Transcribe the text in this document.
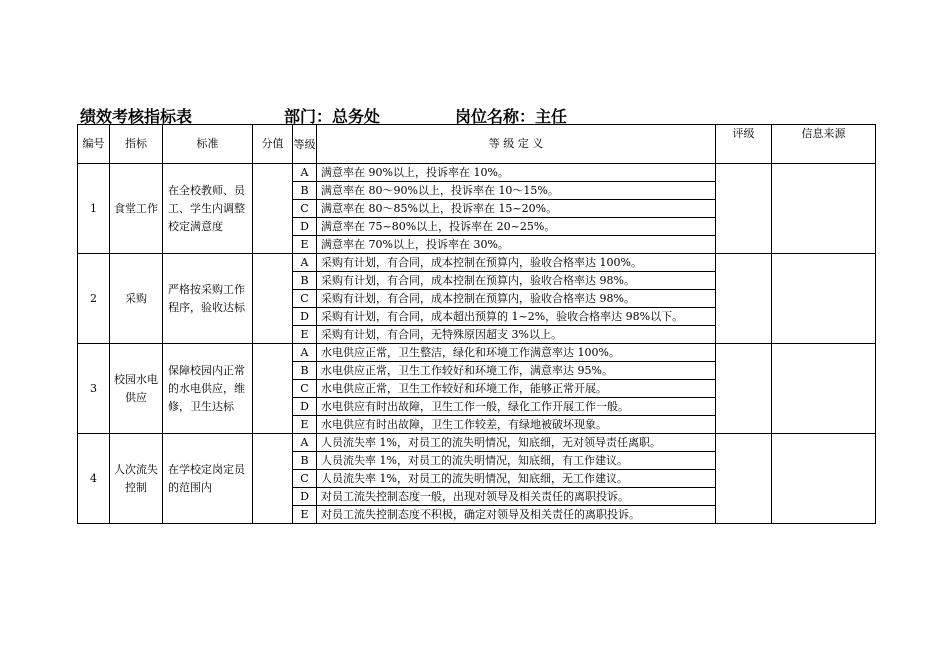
绩效考核指标表	部门：总务处	岗位名称：主任
编号	指标	标准	分值	等级	等 级 定 义	评级	信息来源
1	食堂工作	在全校教师、员工、学生内调整校定满意度		A	满意率在 90%以上，投诉率在 10%。		
				B	满意率在 80～90%以上，投诉率在 10～15%。		
				C	满意率在 80～85%以上，投诉率在 15~20%。		
				D	满意率在 75~80%以上，投诉率在 20~25%。		
				E	满意率在 70%以上，投诉率在 30%。		
2	采购	严格按采购工作程序，验收达标		A	采购有计划，有合同，成本控制在预算内，验收合格率达 100%。		
				B	采购有计划，有合同，成本控制在预算内，验收合格率达 98%。		
				C	采购有计划，有合同，成本控制在预算内，验收合格率达 98%。		
				D	采购有计划，有合同，成本超出预算的 1~2%，验收合格率达 98%以下。		
				E	采购有计划，有合同，无特殊原因超支 3%以上。		
3	校园水电供应	保障校园内正常的水电供应，维修，卫生达标		A	水电供应正常，卫生整洁，绿化和环境工作满意率达 100%。		
				B	水电供应正常，卫生工作较好和环境工作，满意率达 95%。		
				C	水电供应正常，卫生工作较好和环境工作，能够正常开展。		
				D	水电供应有时出故障，卫生工作一般，绿化工作开展工作一般。		
				E	水电供应有时出故障，卫生工作较差，有绿地被破坏现象。		
4	人次流失控制	在学校定岗定员的范围内		A	人员流失率 1%，对员工的流失明情况，知底细，无对领导责任离职。		
				B	人员流失率 1%，对员工的流失明情况，知底细，有工作建议。		
				C	人员流失率 1%，对员工的流失明情况，知底细，无工作建议。		
				D	对员工流失控制态度一般，出现对领导及相关责任的离职投诉。		
				E	对员工流失控制态度不积极，确定对领导及相关责任的离职投诉。		
